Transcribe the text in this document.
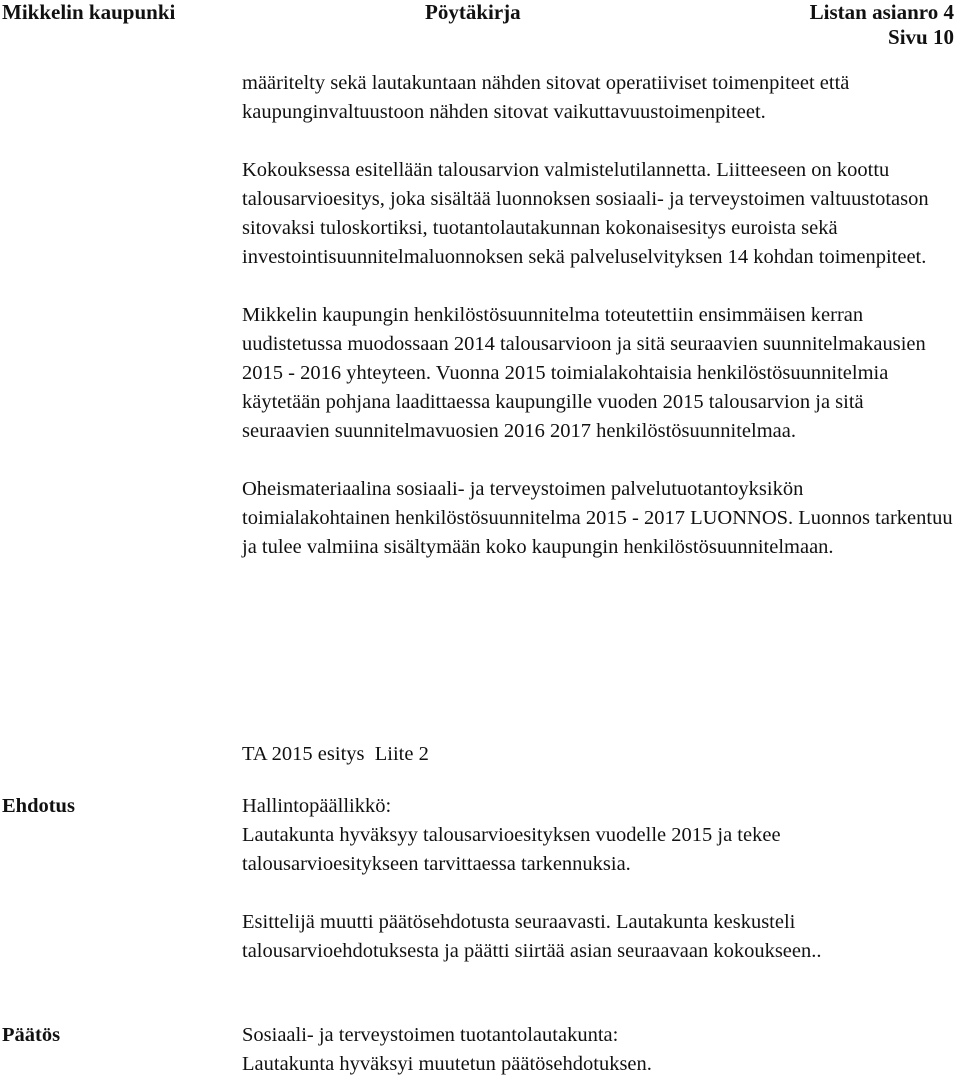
Mikkelin kaupunki	Pöytäkirja	Listan asianro 4
Sivu 10

määritelty sekä lautakuntaan nähden sitovat operatiiviset toimenpiteet että kaupunginvaltuustoon nähden sitovat vaikuttavuustoimenpiteet.

Kokouksessa esitellään talousarvion valmistelutilannetta. Liitteeseen on koottu talousarvioesitys, joka sisältää luonnoksen sosiaali- ja terveystoimen valtuustotason sitovaksi tuloskortiksi, tuotantolautakunnan kokonaisesitys euroista sekä investointisuunnitelmaluonnoksen sekä palveluselvityksen 14 kohdan toimenpiteet.

Mikkelin kaupungin henkilöstösuunnitelma toteutettiin ensimmäisen kerran uudistetussa muodossaan 2014 talousarvioon ja sitä seuraavien suunnitelmakausien 2015 - 2016 yhteyteen. Vuonna 2015 toimialakohtaisia henkilöstösuunnitelmia käytetään pohjana laadittaessa kaupungille vuoden 2015 talousarvion ja sitä seuraavien suunnitelmavuosien 2016 2017 henkilöstösuunnitelmaa.

Oheismateriaalina sosiaali- ja terveystoimen palvelutuotantoyksikön toimialakohtainen henkilöstösuunnitelma 2015 - 2017 LUONNOS. Luonnos tarkentuu ja tulee valmiina sisältymään koko kaupungin henkilöstösuunnitelmaan.

TA 2015 esitys  Liite 2
Ehdotus	Hallintopäällikkö:

Lautakunta hyväksyy talousarvioesityksen vuodelle 2015 ja tekee talousarvioesitykseen tarvittaessa tarkennuksia.

Esittelijä muutti päätösehdotusta seuraavasti. Lautakunta keskusteli talousarvioehdotuksesta ja päätti siirtää asian seuraavaan kokoukseen..

Päätös	Sosiaali- ja terveystoimen tuotantolautakunta:

Lautakunta hyväksyi muutetun päätösehdotuksen.
